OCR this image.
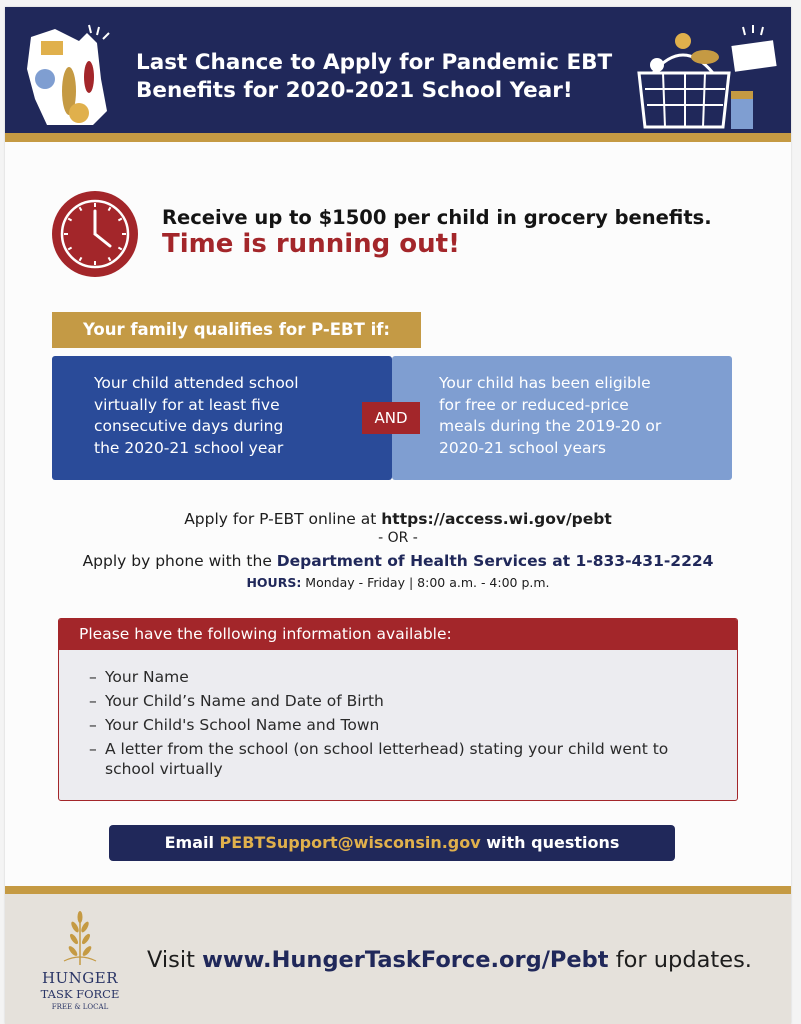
Last Chance to Apply for Pandemic EBT
Benefits for 2020-2021 School Year!
Receive up to $1500 per child in grocery benefits.
Time is running out!
Your family qualifies for P-EBT if:
Your child attended school
virtually for at least five
consecutive days during
the 2020-21 school year
Your child has been eligible
for free or reduced-price
meals during the 2019-20 or
2020-21 school years
AND
Apply for P-EBT online at https://access.wi.gov/pebt
- OR -
Apply by phone with the Department of Health Services at 1-833-431-2224
HOURS: Monday - Friday | 8:00 a.m. - 4:00 p.m.
Please have the following information available:
– Your Name
– Your Child’s Name and Date of Birth
– Your Child's School Name and Town
– A letter from the school (on school letterhead) stating your child went to school virtually
Email PEBTSupport@wisconsin.gov with questions
HUNGER
TASK FORCE
FREE & LOCAL
Visit www.HungerTaskForce.org/Pebt for updates.
